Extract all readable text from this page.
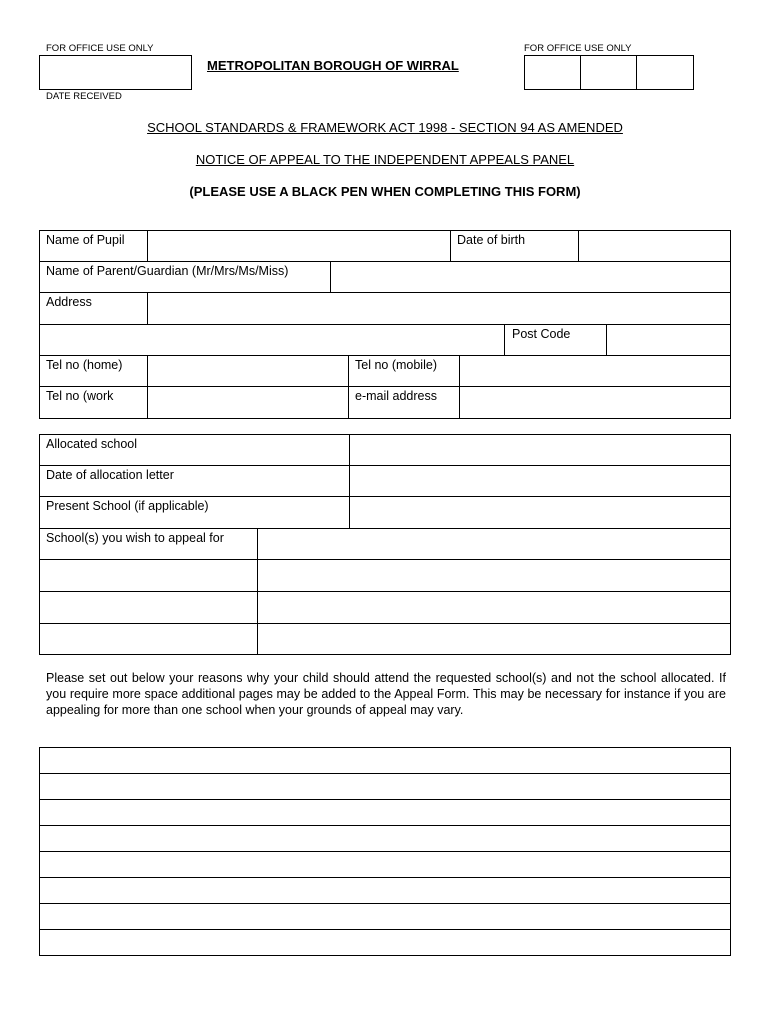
FOR OFFICE USE ONLY
DATE RECEIVED
METROPOLITAN BOROUGH OF WIRRAL
FOR OFFICE USE ONLY
SCHOOL STANDARDS & FRAMEWORK ACT 1998 - SECTION 94 AS AMENDED
NOTICE OF APPEAL TO THE INDEPENDENT APPEALS PANEL
(PLEASE USE A BLACK PEN WHEN COMPLETING THIS FORM)
Name of Pupil	Date of birth
Name of Parent/Guardian (Mr/Mrs/Ms/Miss)
Address
Post Code
Tel no (home)	Tel no (mobile)
Tel no (work	e-mail address
Allocated school
Date of allocation letter
Present School (if applicable)
School(s) you wish to appeal for
Please set out below your reasons why your child should attend the requested school(s) and not the school allocated. If you require more space additional pages may be added to the Appeal Form. This may be necessary for instance if you are appealing for more than one school when your grounds of appeal may vary.
